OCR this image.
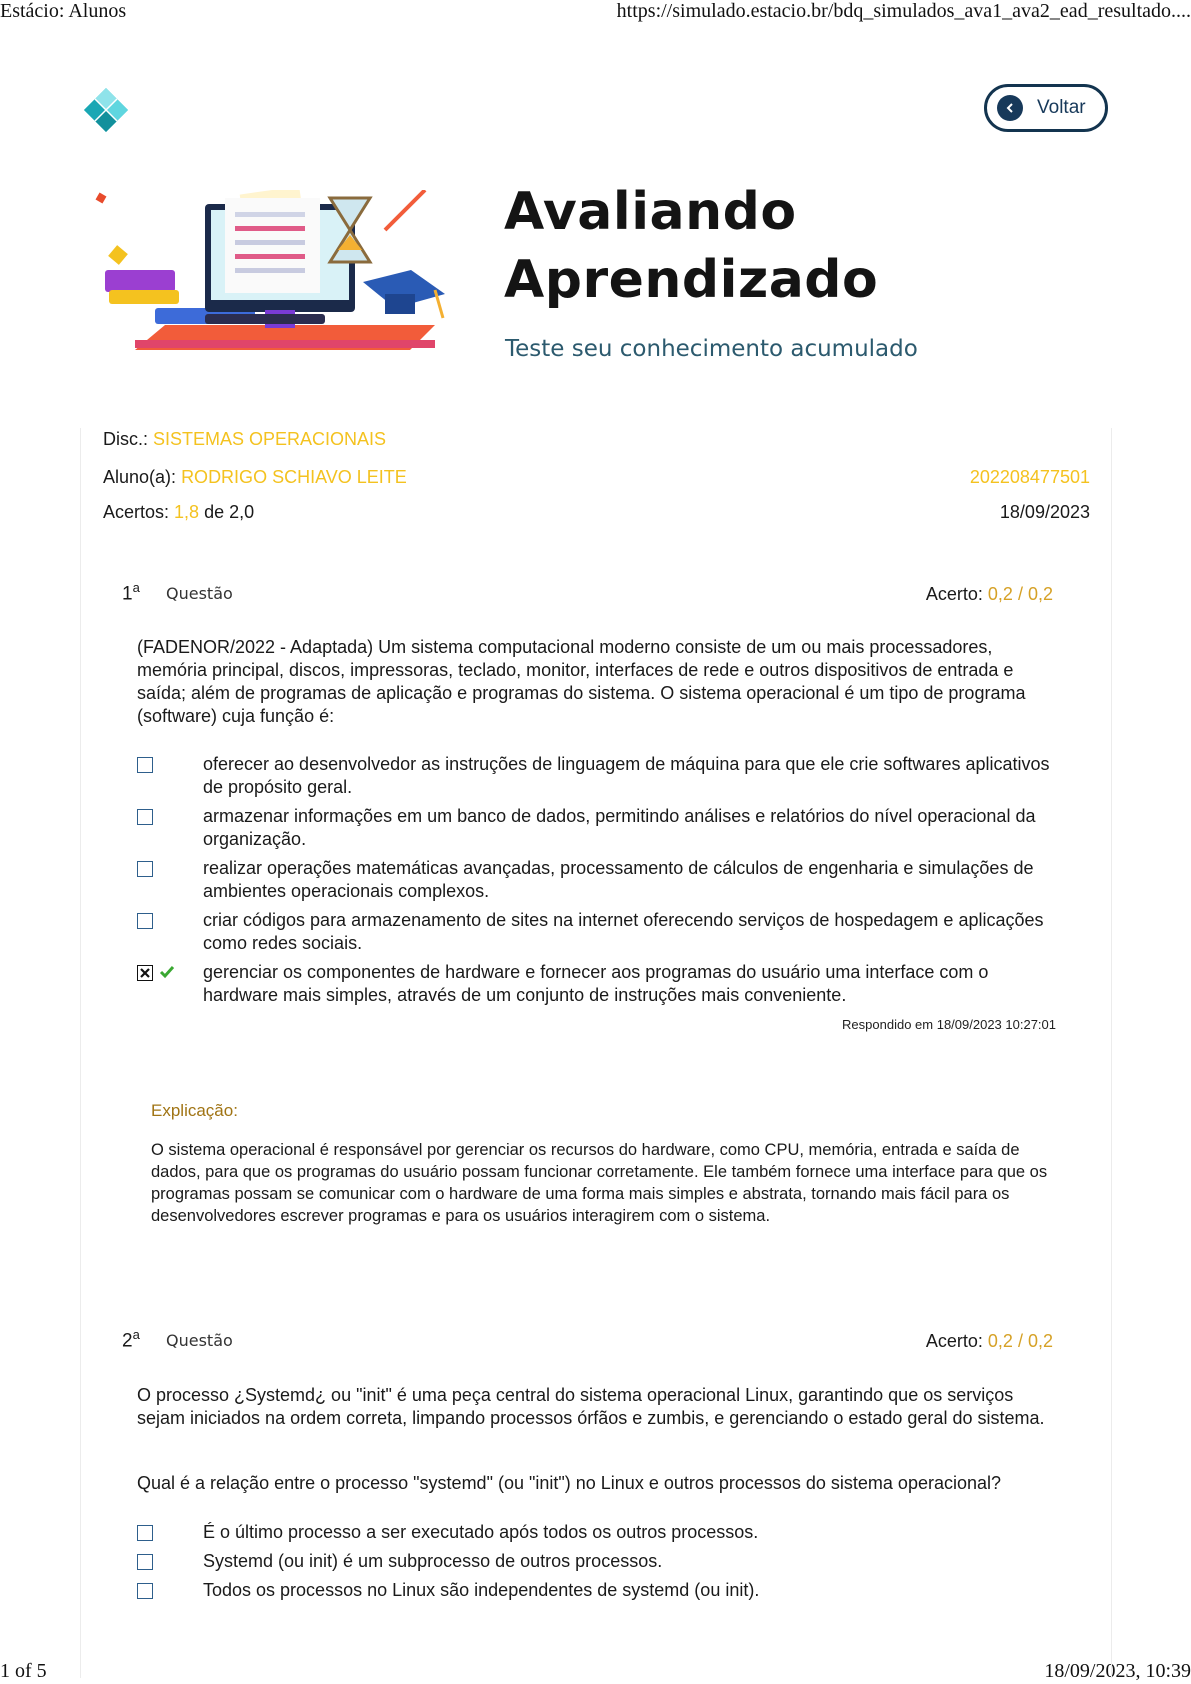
Estácio: Alunos	https://simulado.estacio.br/bdq_simulados_ava1_ava2_ead_resultado....
1 of 5	18/09/2023, 10:39
Voltar
Avaliando
Aprendizado
Teste seu conhecimento acumulado
Disc.: SISTEMAS OPERACIONAIS
Aluno(a): RODRIGO SCHIAVO LEITE	202208477501
Acertos: 1,8 de 2,0	18/09/2023
1$^a$ Questão	Acerto: 0,2 / 0,2
(FADENOR/2022 - Adaptada) Um sistema computacional moderno consiste de um ou mais processadores, memória principal, discos, impressoras, teclado, monitor, interfaces de rede e outros dispositivos de entrada e saída; além de programas de aplicação e programas do sistema. O sistema operacional é um tipo de programa (software) cuja função é:
oferecer ao desenvolvedor as instruções de linguagem de máquina para que ele crie softwares aplicativos de propósito geral.
armazenar informações em um banco de dados, permitindo análises e relatórios do nível operacional da organização.
realizar operações matemáticas avançadas, processamento de cálculos de engenharia e simulações de ambientes operacionais complexos.
criar códigos para armazenamento de sites na internet oferecendo serviços de hospedagem e aplicações como redes sociais.
gerenciar os componentes de hardware e fornecer aos programas do usuário uma interface com o hardware mais simples, através de um conjunto de instruções mais conveniente.
Respondido em 18/09/2023 10:27:01
Explicação:
O sistema operacional é responsável por gerenciar os recursos do hardware, como CPU, memória, entrada e saída de dados, para que os programas do usuário possam funcionar corretamente. Ele também fornece uma interface para que os programas possam se comunicar com o hardware de uma forma mais simples e abstrata, tornando mais fácil para os desenvolvedores escrever programas e para os usuários interagirem com o sistema.
2$^a$ Questão	Acerto: 0,2 / 0,2
O processo ¿Systemd¿ ou "init" é uma peça central do sistema operacional Linux, garantindo que os serviços sejam iniciados na ordem correta, limpando processos órfãos e zumbis, e gerenciando o estado geral do sistema.
Qual é a relação entre o processo "systemd" (ou "init") no Linux e outros processos do sistema operacional?
É o último processo a ser executado após todos os outros processos.
Systemd (ou init) é um subprocesso de outros processos.
Todos os processos no Linux são independentes de systemd (ou init).
